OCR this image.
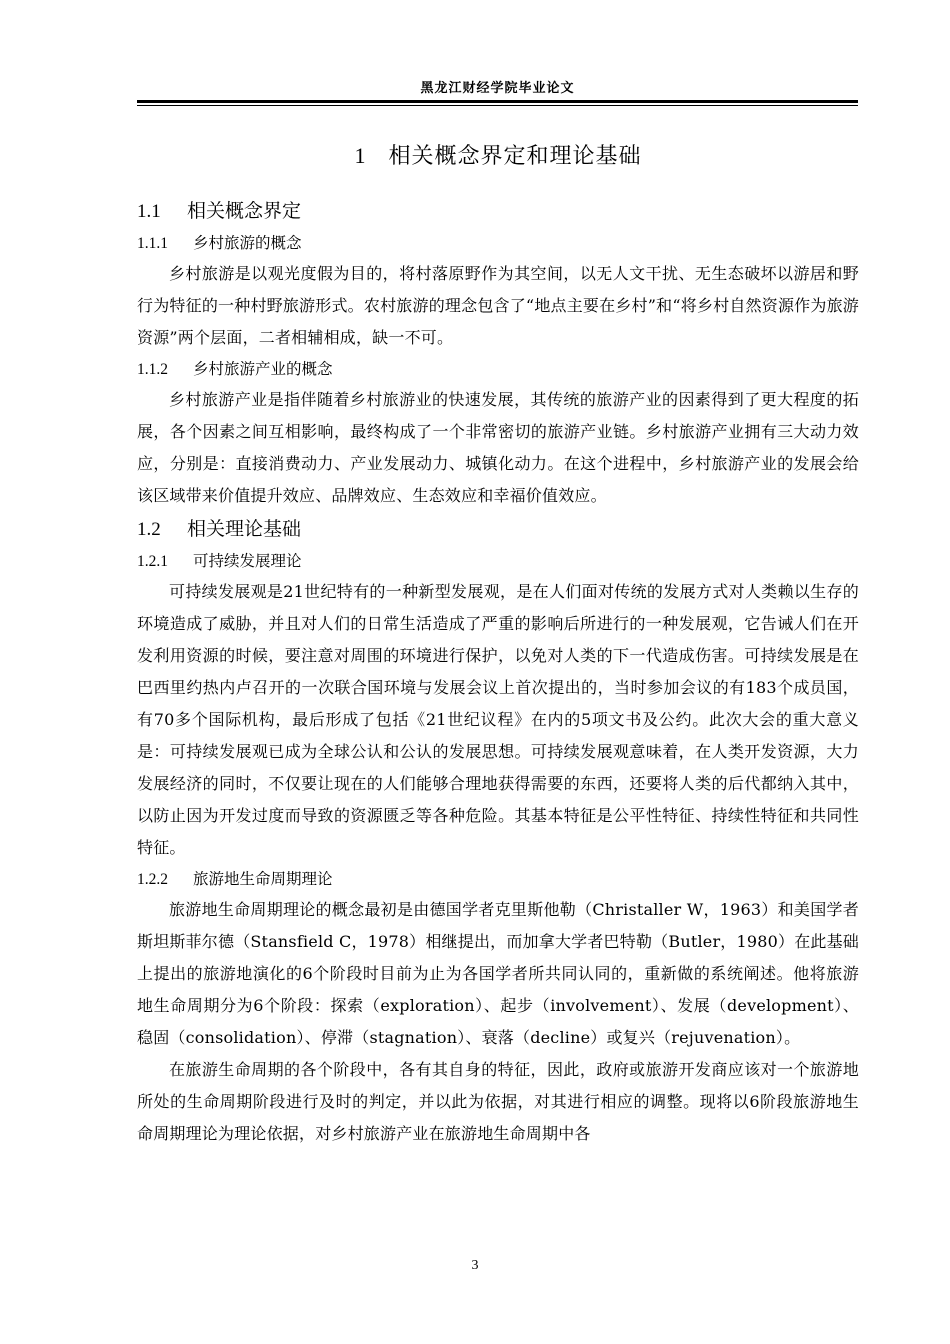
黑龙江财经学院毕业论文
1 相关概念界定和理论基础
1.1 相关概念界定
1.1.1 乡村旅游的概念

乡村旅游是以观光度假为目的，将村落原野作为其空间，以无人文干扰、无生态破坏以游居和野行为特征的一种村野旅游形式。农村旅游的理念包含了“地点主要在乡村”和“将乡村自然资源作为旅游资源”两个层面，二者相辅相成，缺一不可。

1.1.2 乡村旅游产业的概念

乡村旅游产业是指伴随着乡村旅游业的快速发展，其传统的旅游产业的因素得到了更大程度的拓展，各个因素之间互相影响，最终构成了一个非常密切的旅游产业链。乡村旅游产业拥有三大动力效应，分别是：直接消费动力、产业发展动力、城镇化动力。在这个进程中，乡村旅游产业的发展会给该区域带来价值提升效应、品牌效应、生态效应和幸福价值效应。

1.2 相关理论基础
1.2.1 可持续发展理论

可持续发展观是21世纪特有的一种新型发展观，是在人们面对传统的发展方式对人类赖以生存的环境造成了威胁，并且对人们的日常生活造成了严重的影响后所进行的一种发展观，它告诫人们在开发利用资源的时候，要注意对周围的环境进行保护，以免对人类的下一代造成伤害。可持续发展是在巴西里约热内卢召开的一次联合国环境与发展会议上首次提出的，当时参加会议的有183个成员国，有70多个国际机构，最后形成了包括《21世纪议程》在内的5项文书及公约。此次大会的重大意义是：可持续发展观已成为全球公认和公认的发展思想。可持续发展观意味着，在人类开发资源，大力发展经济的同时，不仅要让现在的人们能够合理地获得需要的东西，还要将人类的后代都纳入其中，以防止因为开发过度而导致的资源匮乏等各种危险。其基本特征是公平性特征、持续性特征和共同性特征。

1.2.2 旅游地生命周期理论

旅游地生命周期理论的概念最初是由德国学者克里斯他勒（Christaller W，1963）和美国学者斯坦斯菲尔德（Stansfield C，1978）相继提出，而加拿大学者巴特勒（Butler，1980）在此基础上提出的旅游地演化的6个阶段时目前为止为各国学者所共同认同的，重新做的系统阐述。他将旅游地生命周期分为6个阶段：探索（exploration）、起步（involvement）、发展（development）、稳固（consolidation）、停滞（stagnation）、衰落（decline）或复兴（rejuvenation）。

在旅游生命周期的各个阶段中，各有其自身的特征，因此，政府或旅游开发商应该对一个旅游地所处的生命周期阶段进行及时的判定，并以此为依据，对其进行相应的调整。现将以6阶段旅游地生命周期理论为理论依据，对乡村旅游产业在旅游地生命周期中各

3
